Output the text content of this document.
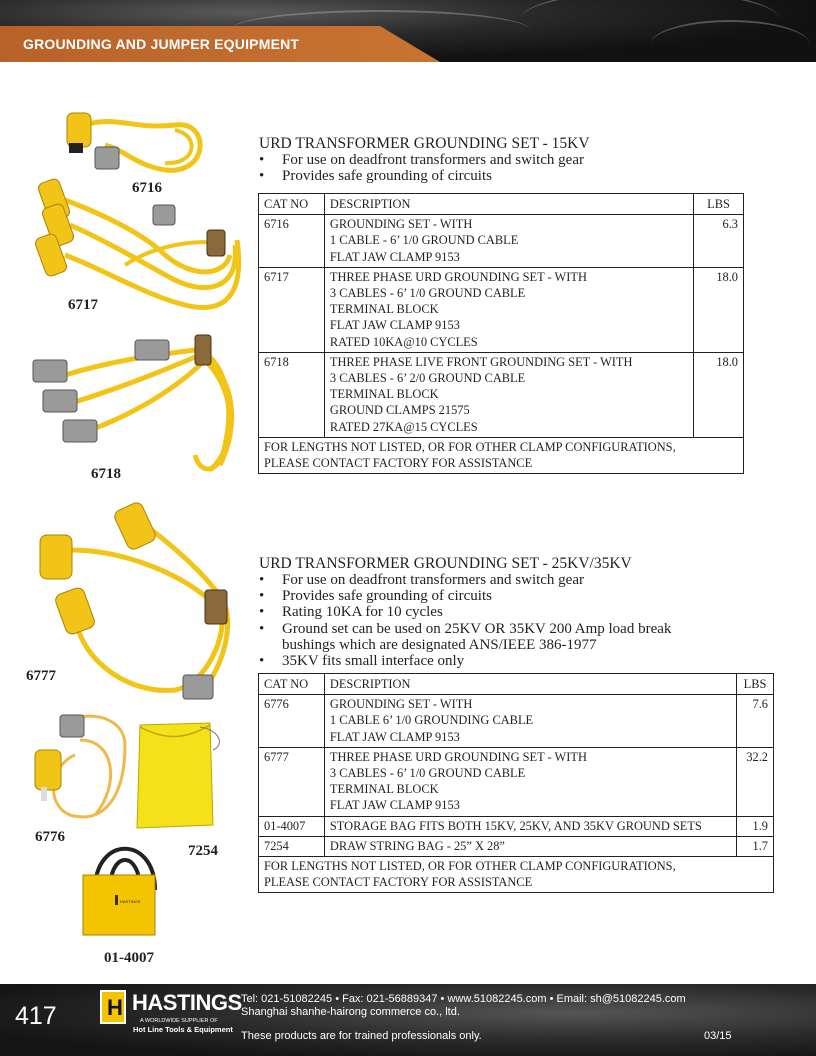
GROUNDING AND JUMPER EQUIPMENT
6716
6717
6718
URD TRANSFORMER GROUNDING SET - 15KV
• For use on deadfront transformers and switch gear
• Provides safe grounding of circuits
CAT NO	DESCRIPTION	LBS
6716	GROUNDING SET - WITH
1 CABLE - 6’ 1/0 GROUND CABLE
FLAT JAW CLAMP 9153	6.3
6717	THREE PHASE URD GROUNDING SET - WITH
3 CABLES - 6’ 1/0 GROUND CABLE
TERMINAL BLOCK
FLAT JAW CLAMP 9153
RATED 10KA@10 CYCLES	18.0
6718	THREE PHASE LIVE FRONT GROUNDING SET - WITH
3 CABLES - 6’ 2/0 GROUND CABLE
TERMINAL BLOCK
GROUND CLAMPS 21575
RATED 27KA@15 CYCLES	18.0

FOR LENGTHS NOT LISTED, OR FOR OTHER CLAMP CONFIGURATIONS,
PLEASE CONTACT FACTORY FOR ASSISTANCE		
HASTINGS
6777
6776
7254
01-4007
URD TRANSFORMER GROUNDING SET - 25KV/35KV
• For use on deadfront transformers and switch gear
• Provides safe grounding of circuits
• Rating 10KA for 10 cycles
• Ground set can be used on 25KV OR 35KV 200 Amp load break
bushings which are designated ANS/IEEE 386-1977
• 35KV fits small interface only
CAT NO	DESCRIPTION	LBS
6776	GROUNDING SET - WITH
1 CABLE 6’ 1/0 GROUNDING CABLE
FLAT JAW CLAMP 9153	7.6
6777	THREE PHASE URD GROUNDING SET - WITH
3 CABLES - 6’ 1/0 GROUND CABLE
TERMINAL BLOCK
FLAT JAW CLAMP 9153	32.2
01-4007	STORAGE BAG FITS BOTH 15KV, 25KV, AND 35KV GROUND SETS	1.9
7254	DRAW STRING BAG - 25” X 28”	1.7

FOR LENGTHS NOT LISTED, OR FOR OTHER CLAMP CONFIGURATIONS,
PLEASE CONTACT FACTORY FOR ASSISTANCE		
417 H HASTINGS
A WORLDWIDE SUPPLIER OF
Hot Line Tools & Equipment
Tel: 021-51082245 • Fax: 021-56889347 • www.51082245.com • Email: sh@51082245.com
Shanghai shanhe-hairong commerce co., ltd.
These products are for trained professionals only.	03/15
